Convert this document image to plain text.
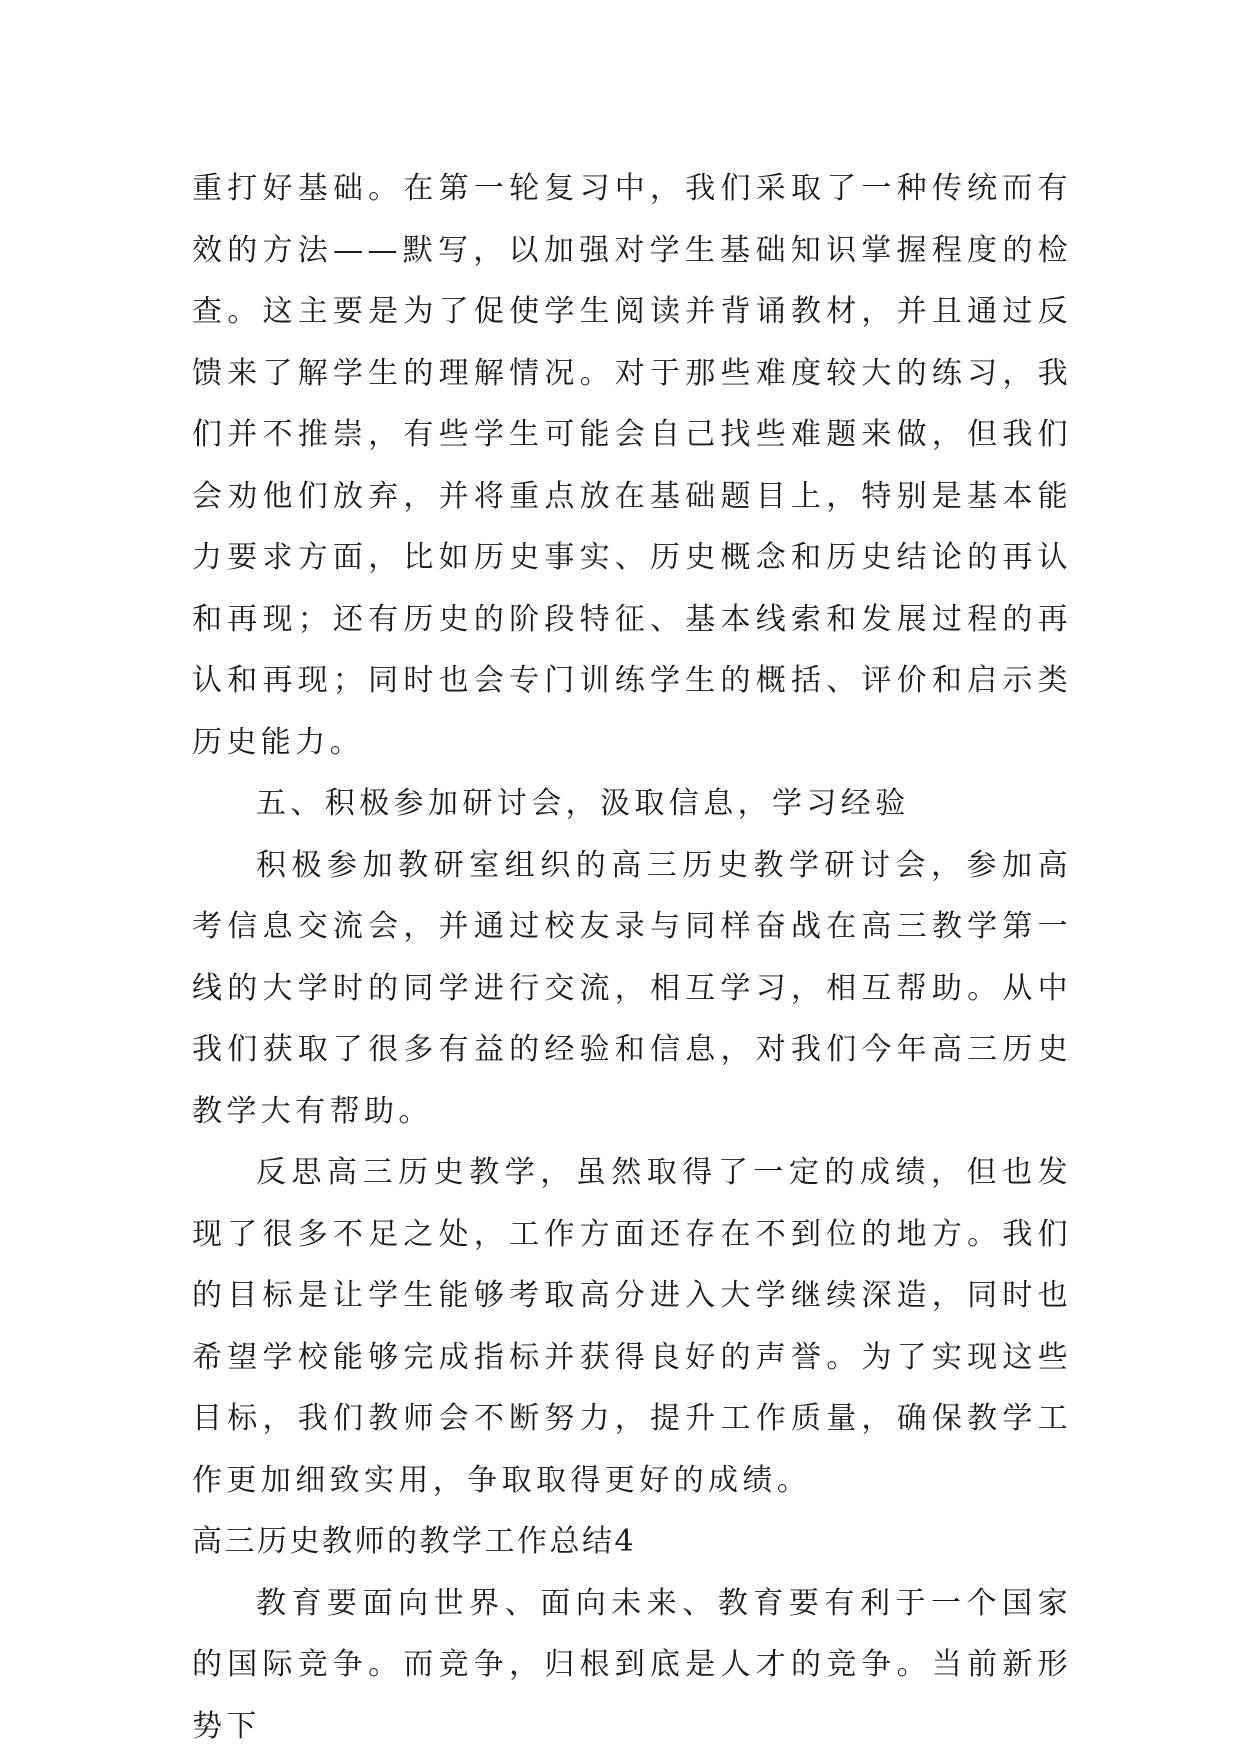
重打好基础。在第一轮复习中，我们采取了一种传统而有效的方法——默写，以加强对学生基础知识掌握程度的检查。这主要是为了促使学生阅读并背诵教材，并且通过反馈来了解学生的理解情况。对于那些难度较大的练习，我们并不推崇，有些学生可能会自己找些难题来做，但我们会劝他们放弃，并将重点放在基础题目上，特别是基本能力要求方面，比如历史事实、历史概念和历史结论的再认和再现；还有历史的阶段特征、基本线索和发展过程的再认和再现；同时也会专门训练学生的概括、评价和启示类历史能力。

五、积极参加研讨会，汲取信息，学习经验

积极参加教研室组织的高三历史教学研讨会，参加高考信息交流会，并通过校友录与同样奋战在高三教学第一线的大学时的同学进行交流，相互学习，相互帮助。从中我们获取了很多有益的经验和信息，对我们今年高三历史教学大有帮助。

反思高三历史教学，虽然取得了一定的成绩，但也发现了很多不足之处，工作方面还存在不到位的地方。我们的目标是让学生能够考取高分进入大学继续深造，同时也希望学校能够完成指标并获得良好的声誉。为了实现这些目标，我们教师会不断努力，提升工作质量，确保教学工作更加细致实用，争取取得更好的成绩。

高三历史教师的教学工作总结4

教育要面向世界、面向未来、教育要有利于一个国家的国际竞争。而竞争，归根到底是人才的竞争。当前新形势下
